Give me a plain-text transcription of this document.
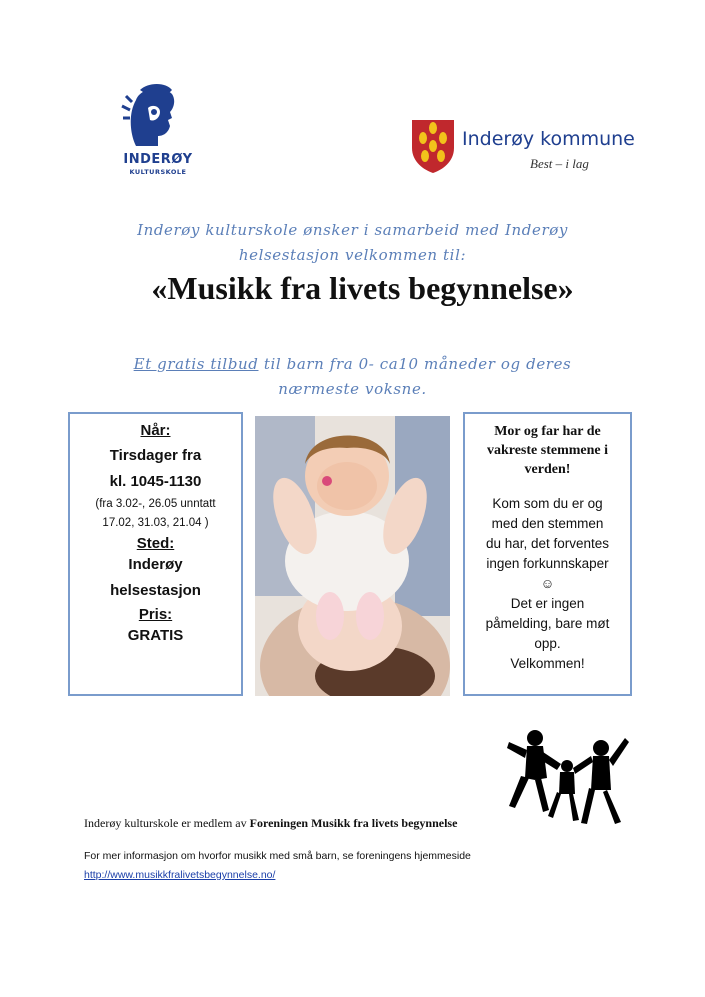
INDERØY
KULTURSKOLE
Inderøy kommune
Best – i lag
Inderøy kulturskole ønsker i samarbeid med Inderøy
helsestasjon velkommen til:
«Musikk fra livets begynnelse»
Et gratis tilbud til barn fra 0- ca10 måneder og deres
nærmeste voksne.
Når:
Tirsdager fra
kl. 1045-1130
(fra 3.02-, 26.05 unntatt
17.02, 31.03, 21.04 )
Sted:
Inderøy
helsestasjon
Pris:
GRATIS
Mor og far har de
vakreste stemmene i
verden!
Kom som du er og
med den stemmen
du har, det forventes
ingen forkunnskaper
☺
Det er ingen
påmelding, bare møt
opp.
Velkommen!
Inderøy kulturskole er medlem av Foreningen Musikk fra livets begynnelse
For mer informasjon om hvorfor musikk med små barn, se foreningens hjemmeside
http://www.musikkfralivetsbegynnelse.no/
